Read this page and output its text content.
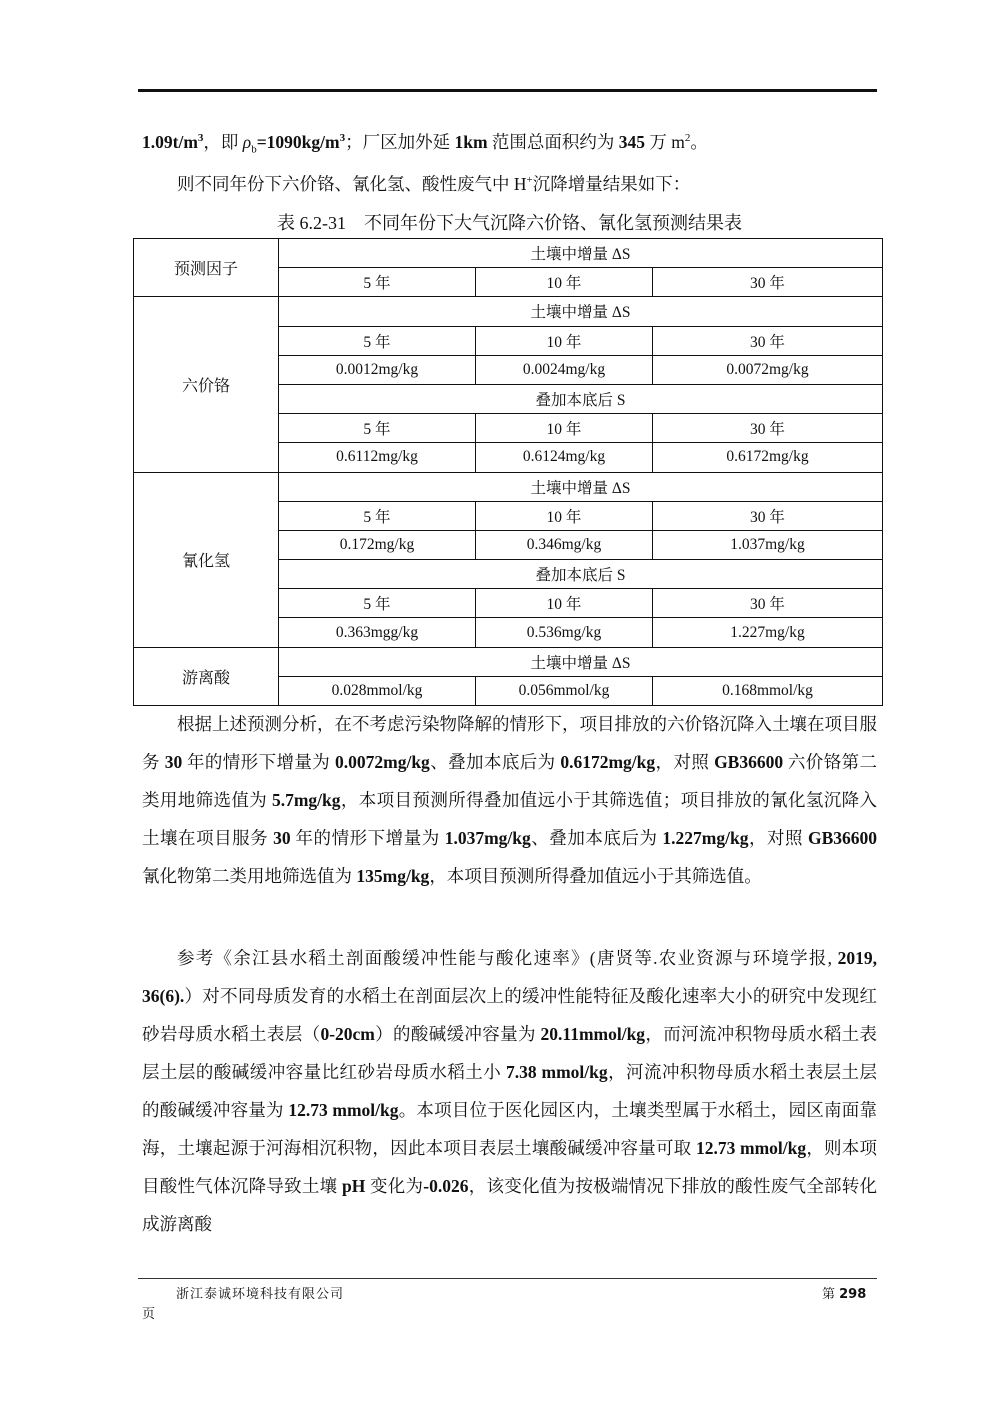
$1.09t/m^3$，即 $\rho_b=1090kg/m^3$；厂区加外延 1km 范围总面积约为 345 万 $m^2$。
则不同年份下六价铬、氰化氢、酸性废气中 H+沉降增量结果如下：
表 6.2-31　不同年份下大气沉降六价铬、氰化氢预测结果表
预测因子	土壤中增量 ΔS		
	5 年	10 年	30 年
六价铬	土壤中增量 ΔS		
	5 年	10 年	30 年
	0.0012mg/kg	0.0024mg/kg	0.0072mg/kg
	叠加本底后 S		
	5 年	10 年	30 年
	0.6112mg/kg	0.6124mg/kg	0.6172mg/kg
氰化氢	土壤中增量 ΔS		
	5 年	10 年	30 年
	0.172mg/kg	0.346mg/kg	1.037mg/kg
	叠加本底后 S		
	5 年	10 年	30 年
	0.363mgg/kg	0.536mg/kg	1.227mg/kg
游离酸	土壤中增量 ΔS		
	0.028mmol/kg	0.056mmol/kg	0.168mmol/kg
根据上述预测分析，在不考虑污染物降解的情形下，项目排放的六价铬沉降入土壤在项目服务 30 年的情形下增量为 0.0072mg/kg、叠加本底后为 0.6172mg/kg，对照 GB36600 六价铬第二类用地筛选值为 5.7mg/kg，本项目预测所得叠加值远小于其筛选值；项目排放的氰化氢沉降入土壤在项目服务 30 年的情形下增量为 1.037mg/kg、叠加本底后为 1.227mg/kg，对照 GB36600 氰化物第二类用地筛选值为 135mg/kg，本项目预测所得叠加值远小于其筛选值。
参考《余江县水稻土剖面酸缓冲性能与酸化速率》(唐贤等.农业资源与环境学报, 2019, 36(6).）对不同母质发育的水稻土在剖面层次上的缓冲性能特征及酸化速率大小的研究中发现红砂岩母质水稻土表层（0-20cm）的酸碱缓冲容量为 20.11mmol/kg，而河流冲积物母质水稻土表层土层的酸碱缓冲容量比红砂岩母质水稻土小 7.38 mmol/kg，河流冲积物母质水稻土表层土层的酸碱缓冲容量为 12.73 mmol/kg。本项目位于医化园区内，土壤类型属于水稻土，园区南面靠海，土壤起源于河海相沉积物，因此本项目表层土壤酸碱缓冲容量可取 12.73 mmol/kg，则本项目酸性气体沉降导致土壤 pH 变化为-0.026，该变化值为按极端情况下排放的酸性废气全部转化成游离酸
浙江泰诚环境科技有限公司	第 298
页
